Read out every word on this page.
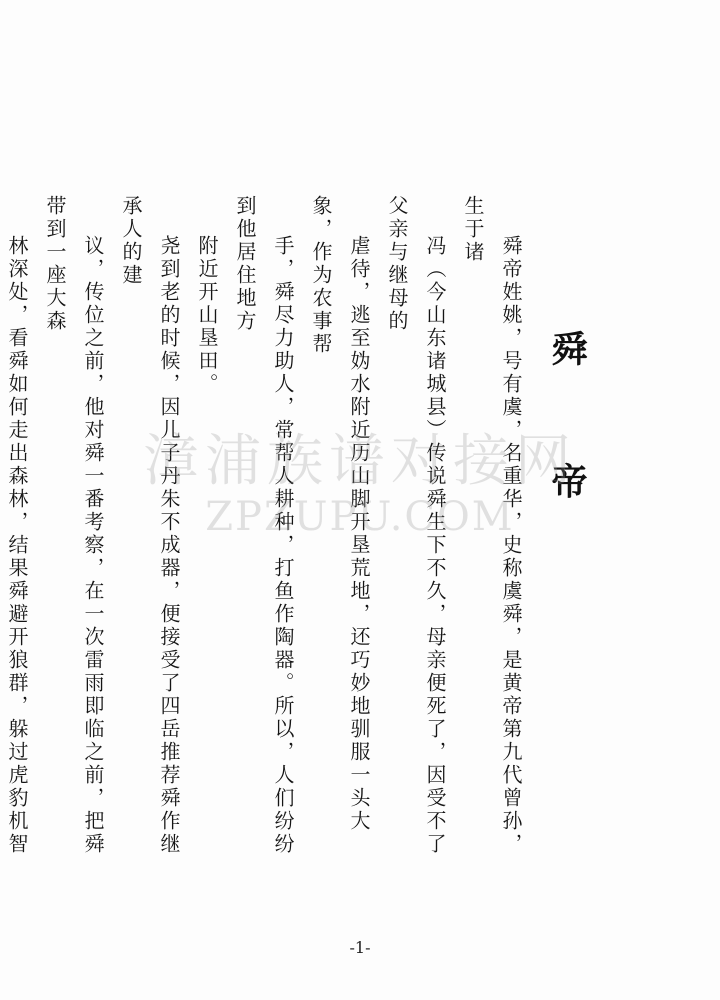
舜 帝

舜帝姓姚，号有虞，名重华，史称虞舜，是黄帝第九代曾孙，生于诸
冯（今山东诸城县）传说舜生下不久，母亲便死了，因受不了父亲与继母的
虐待，逃至妫水附近历山脚开垦荒地，还巧妙地驯服一头大象，作为农事帮
手，舜尽力助人，常帮人耕种，打鱼作陶器。所以，人们纷纷到他居住地方
附近开山垦田。

尧到老的时候，因儿子丹朱不成器，便接受了四岳推荐舜作继承人的建
议，传位之前，他对舜一番考察，在一次雷雨即临之前，把舜带到一座大森
林深处，看舜如何走出森林，结果舜避开狼群，躲过虎豹机智

漳浦族谱对接网
ZPZUPU.COM
-1-
